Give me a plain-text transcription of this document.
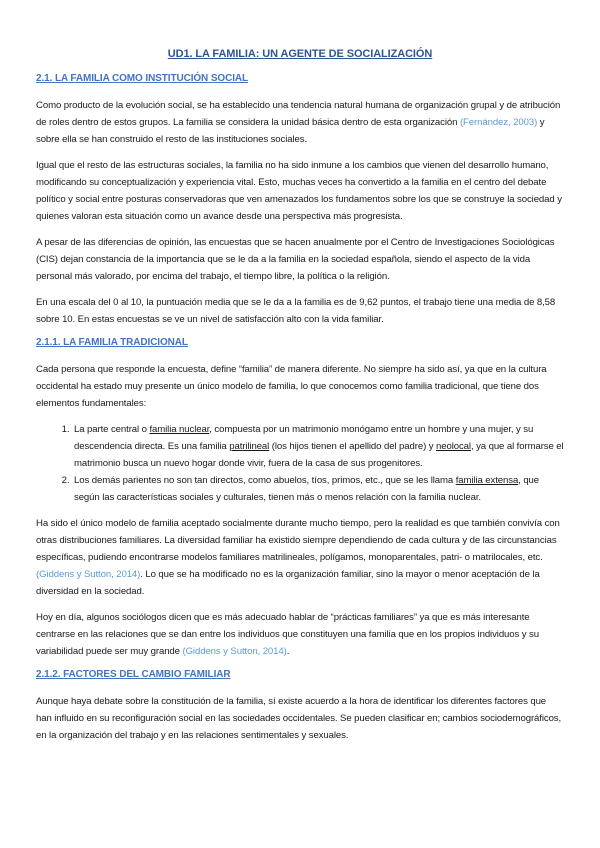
UD1. LA FAMILIA: UN AGENTE DE SOCIALIZACIÓN
2.1. LA FAMILIA COMO INSTITUCIÓN SOCIAL

Como producto de la evolución social, se ha establecido una tendencia natural humana de organización grupal y de atribución de roles dentro de estos grupos. La familia se considera la unidad básica dentro de esta organización (Fernández, 2003) y sobre ella se han construido el resto de las instituciones sociales.

Igual que el resto de las estructuras sociales, la familia no ha sido inmune a los cambios que vienen del desarrollo humano, modificando su conceptualización y experiencia vital. Esto, muchas veces ha convertido a la familia en el centro del debate político y social entre posturas conservadoras que ven amenazados los fundamentos sobre los que se construye la sociedad y quienes valoran esta situación como un avance desde una perspectiva más progresista.

A pesar de las diferencias de opinión, las encuestas que se hacen anualmente por el Centro de Investigaciones Sociológicas (CIS) dejan constancia de la importancia que se le da a la familia en la sociedad española, siendo el aspecto de la vida personal más valorado, por encima del trabajo, el tiempo libre, la política o la religión.

En una escala del 0 al 10, la puntuación media que se le da a la familia es de 9,62 puntos, el trabajo tiene una media de 8,58 sobre 10. En estas encuestas se ve un nivel de satisfacción alto con la vida familiar.

2.1.1. LA FAMILIA TRADICIONAL

Cada persona que responde la encuesta, define “familia” de manera diferente. No siempre ha sido así, ya que en la cultura occidental ha estado muy presente un único modelo de familia, lo que conocemos como familia tradicional, que tiene dos elementos fundamentales:

1. La parte central o familia nuclear, compuesta por un matrimonio monógamo entre un hombre y una mujer, y su descendencia directa. Es una familia patrilineal (los hijos tienen el apellido del padre) y neolocal, ya que al formarse el matrimonio busca un nuevo hogar donde vivir, fuera de la casa de sus progenitores.
2. Los demás parientes no son tan directos, como abuelos, tíos, primos, etc., que se les llama familia extensa, que según las características sociales y culturales, tienen más o menos relación con la familia nuclear.

Ha sido el único modelo de familia aceptado socialmente durante mucho tiempo, pero la realidad es que también convivía con otras distribuciones familiares. La diversidad familiar ha existido siempre dependiendo de cada cultura y de las circunstancias específicas, pudiendo encontrarse modelos familiares matrilineales, polígamos, monoparentales, patri- o matrilocales, etc. (Giddens y Sutton, 2014). Lo que se ha modificado no es la organización familiar, sino la mayor o menor aceptación de la diversidad en la sociedad.

Hoy en día, algunos sociólogos dicen que es más adecuado hablar de “prácticas familiares” ya que es más interesante centrarse en las relaciones que se dan entre los individuos que constituyen una familia que en los propios individuos y su variabilidad puede ser muy grande (Giddens y Sutton, 2014).

2.1.2. FACTORES DEL CAMBIO FAMILIAR

Aunque haya debate sobre la constitución de la familia, sí existe acuerdo a la hora de identificar los diferentes factores que han influido en su reconfiguración social en las sociedades occidentales. Se pueden clasificar en; cambios sociodemográficos, en la organización del trabajo y en las relaciones sentimentales y sexuales.
